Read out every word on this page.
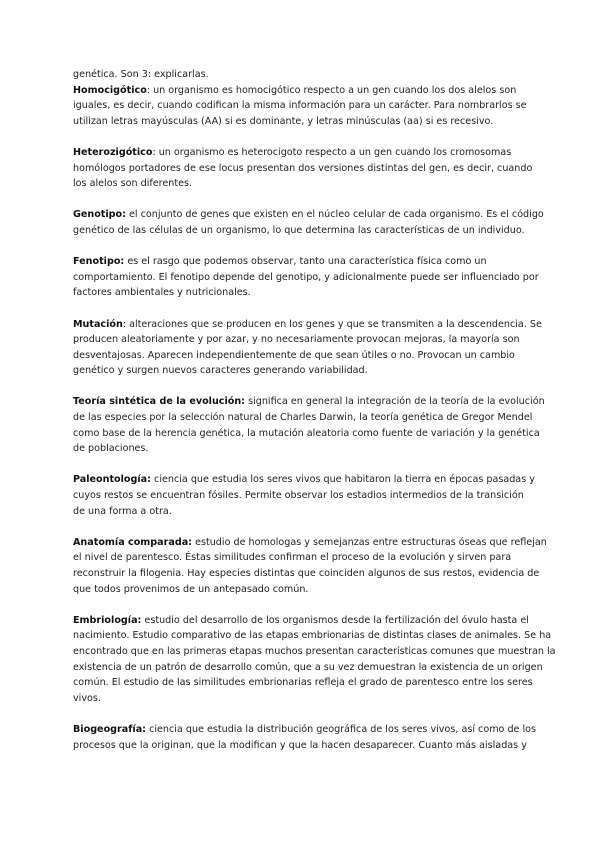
genética. Son 3: explicarlas.

Homocigótico: un organismo es homocigótico respecto a un gen cuando los dos alelos son
iguales, es decir, cuando codifican la misma información para un carácter. Para nombrarlos se
utilizan letras mayúsculas (AA) si es dominante, y letras minúsculas (aa) si es recesivo.

Heterozigótico: un organismo es heterocigoto respecto a un gen cuando los cromosomas
homólogos portadores de ese locus presentan dos versiones distintas del gen, es decir, cuando
los alelos son diferentes.

Genotipo: el conjunto de genes que existen en el núcleo celular de cada organismo. Es el código
genético de las células de un organismo, lo que determina las características de un individuo.

Fenotipo: es el rasgo que podemos observar, tanto una característica física como un
comportamiento. El fenotipo depende del genotipo, y adicionalmente puede ser influenciado por
factores ambientales y nutricionales.

Mutación: alteraciones que se producen en los genes y que se transmiten a la descendencia. Se
producen aleatoriamente y por azar, y no necesariamente provocan mejoras, la mayoría son
desventajosas. Aparecen independientemente de que sean útiles o no. Provocan un cambio
genético y surgen nuevos caracteres generando variabilidad.

Teoría sintética de la evolución: significa en general la integración de la teoría de la evolución
de las especies por la selección natural de Charles Darwin, la teoría genética de Gregor Mendel
como base de la herencia genética, la mutación aleatoria como fuente de variación y la genética
de poblaciones.

Paleontología: ciencia que estudia los seres vivos que habitaron la tierra en épocas pasadas y
cuyos restos se encuentran fósiles. Permite observar los estadios intermedios de la transición
de una forma a otra.

Anatomía comparada: estudio de homologas y semejanzas entre estructuras óseas que reflejan
el nivel de parentesco. Éstas similitudes confirman el proceso de la evolución y sirven para
reconstruir la filogenia. Hay especies distintas que coinciden algunos de sus restos, evidencia de
que todos provenimos de un antepasado común.

Embriología: estudio del desarrollo de los organismos desde la fertilización del óvulo hasta el
nacimiento. Estudio comparativo de las etapas embrionarias de distintas clases de animales. Se ha
encontrado que en las primeras etapas muchos presentan características comunes que muestran la
existencia de un patrón de desarrollo común, que a su vez demuestran la existencia de un origen
común. El estudio de las similitudes embrionarias refleja el grado de parentesco entre los seres
vivos.

Biogeografía: ciencia que estudia la distribución geográfica de los seres vivos, así como de los
procesos que la originan, que la modifican y que la hacen desaparecer. Cuanto más aisladas y
